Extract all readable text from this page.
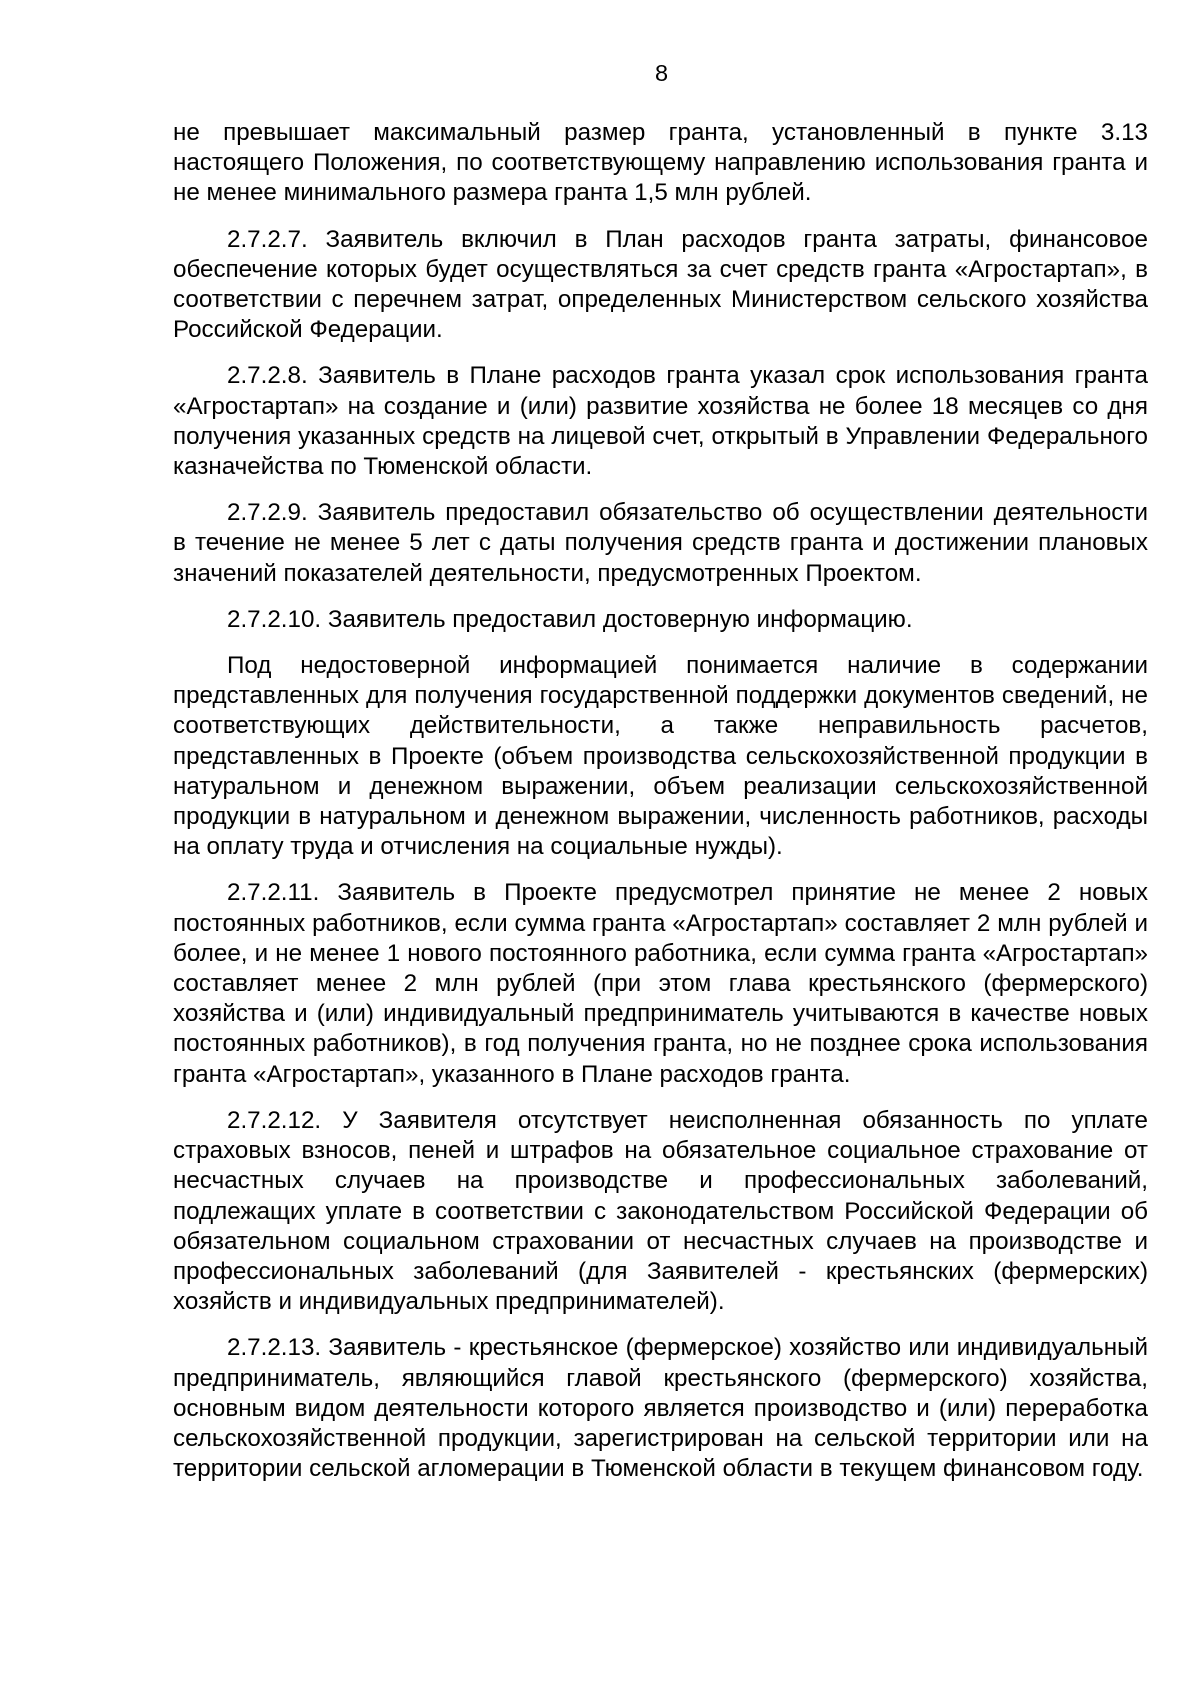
8

не превышает максимальный размер гранта, установленный в пункте 3.13 настоящего Положения, по соответствующему направлению использования гранта и не менее минимального размера гранта 1,5 млн рублей.

2.7.2.7. Заявитель включил в План расходов гранта затраты, финансовое обеспечение которых будет осуществляться за счет средств гранта «Агростартап», в соответствии с перечнем затрат, определенных Министерством сельского хозяйства Российской Федерации.

2.7.2.8. Заявитель в Плане расходов гранта указал срок использования гранта «Агростартап» на создание и (или) развитие хозяйства не более 18 месяцев со дня получения указанных средств на лицевой счет, открытый в Управлении Федерального казначейства по Тюменской области.

2.7.2.9. Заявитель предоставил обязательство об осуществлении деятельности в течение не менее 5 лет с даты получения средств гранта и достижении плановых значений показателей деятельности, предусмотренных Проектом.

2.7.2.10. Заявитель предоставил достоверную информацию.

Под недостоверной информацией понимается наличие в содержании представленных для получения государственной поддержки документов сведений, не соответствующих действительности, а также неправильность расчетов, представленных в Проекте (объем производства сельскохозяйственной продукции в натуральном и денежном выражении, объем реализации сельскохозяйственной продукции в натуральном и денежном выражении, численность работников, расходы на оплату труда и отчисления на социальные нужды).

2.7.2.11. Заявитель в Проекте предусмотрел принятие не менее 2 новых постоянных работников, если сумма гранта «Агростартап» составляет 2 млн рублей и более, и не менее 1 нового постоянного работника, если сумма гранта «Агростартап» составляет менее 2 млн рублей (при этом глава крестьянского (фермерского) хозяйства и (или) индивидуальный предприниматель учитываются в качестве новых постоянных работников), в год получения гранта, но не позднее срока использования гранта «Агростартап», указанного в Плане расходов гранта.

2.7.2.12. У Заявителя отсутствует неисполненная обязанность по уплате страховых взносов, пеней и штрафов на обязательное социальное страхование от несчастных случаев на производстве и профессиональных заболеваний, подлежащих уплате в соответствии с законодательством Российской Федерации об обязательном социальном страховании от несчастных случаев на производстве и профессиональных заболеваний (для Заявителей - крестьянских (фермерских) хозяйств и индивидуальных предпринимателей).

2.7.2.13. Заявитель - крестьянское (фермерское) хозяйство или индивидуальный предприниматель, являющийся главой крестьянского (фермерского) хозяйства, основным видом деятельности которого является производство и (или) переработка сельскохозяйственной продукции, зарегистрирован на сельской территории или на территории сельской агломерации в Тюменской области в текущем финансовом году.
